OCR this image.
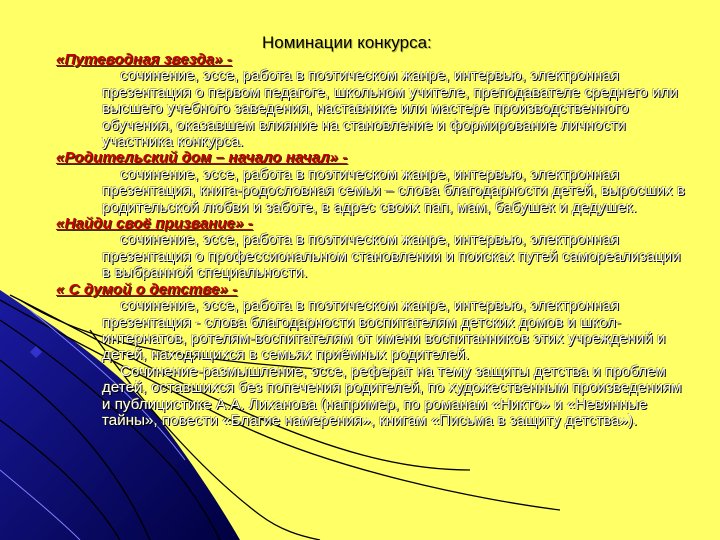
Номинации конкурса:
«Путеводная звезда» -
сочинение, эссе, работа в поэтическом жанре, интервью, электронная презентация о первом педагоге, школьном учителе, преподавателе среднего или высшего учебного заведения, наставнике или мастере производственного обучения, оказавшем влияние на становление и формирование личности участника конкурса.
«Родительский дом – начало начал» -
сочинение, эссе, работа в поэтическом жанре, интервью, электронная презентация, книга-родословная семьи – слова благодарности детей, выросших в родительской любви и заботе, в адрес своих пап, мам, бабушек и дедушек.
«Найди своё призвание» -
сочинение, эссе, работа в поэтическом жанре, интервью, электронная презентация о профессиональном становлении и поисках путей самореализации в выбранной специальности.
« С думой о детстве» -
сочинение, эссе, работа в поэтическом жанре, интервью, электронная презентация - слова благодарности воспитателям детских домов и школ-интернатов, ротелям-воспитателям от имени воспитанников этих учреждений и детей, находящихся в семьях приёмных родителей.
Сочинение-размышление, эссе, реферат на тему защиты детства и проблем детей, оставшихся без попечения родителей, по художественным произведениям и публицистике А.А. Лиханова (например, по романам «Никто» и «Невинные тайны», повести «Благие намерения», книгам «Письма в защиту детства»).
